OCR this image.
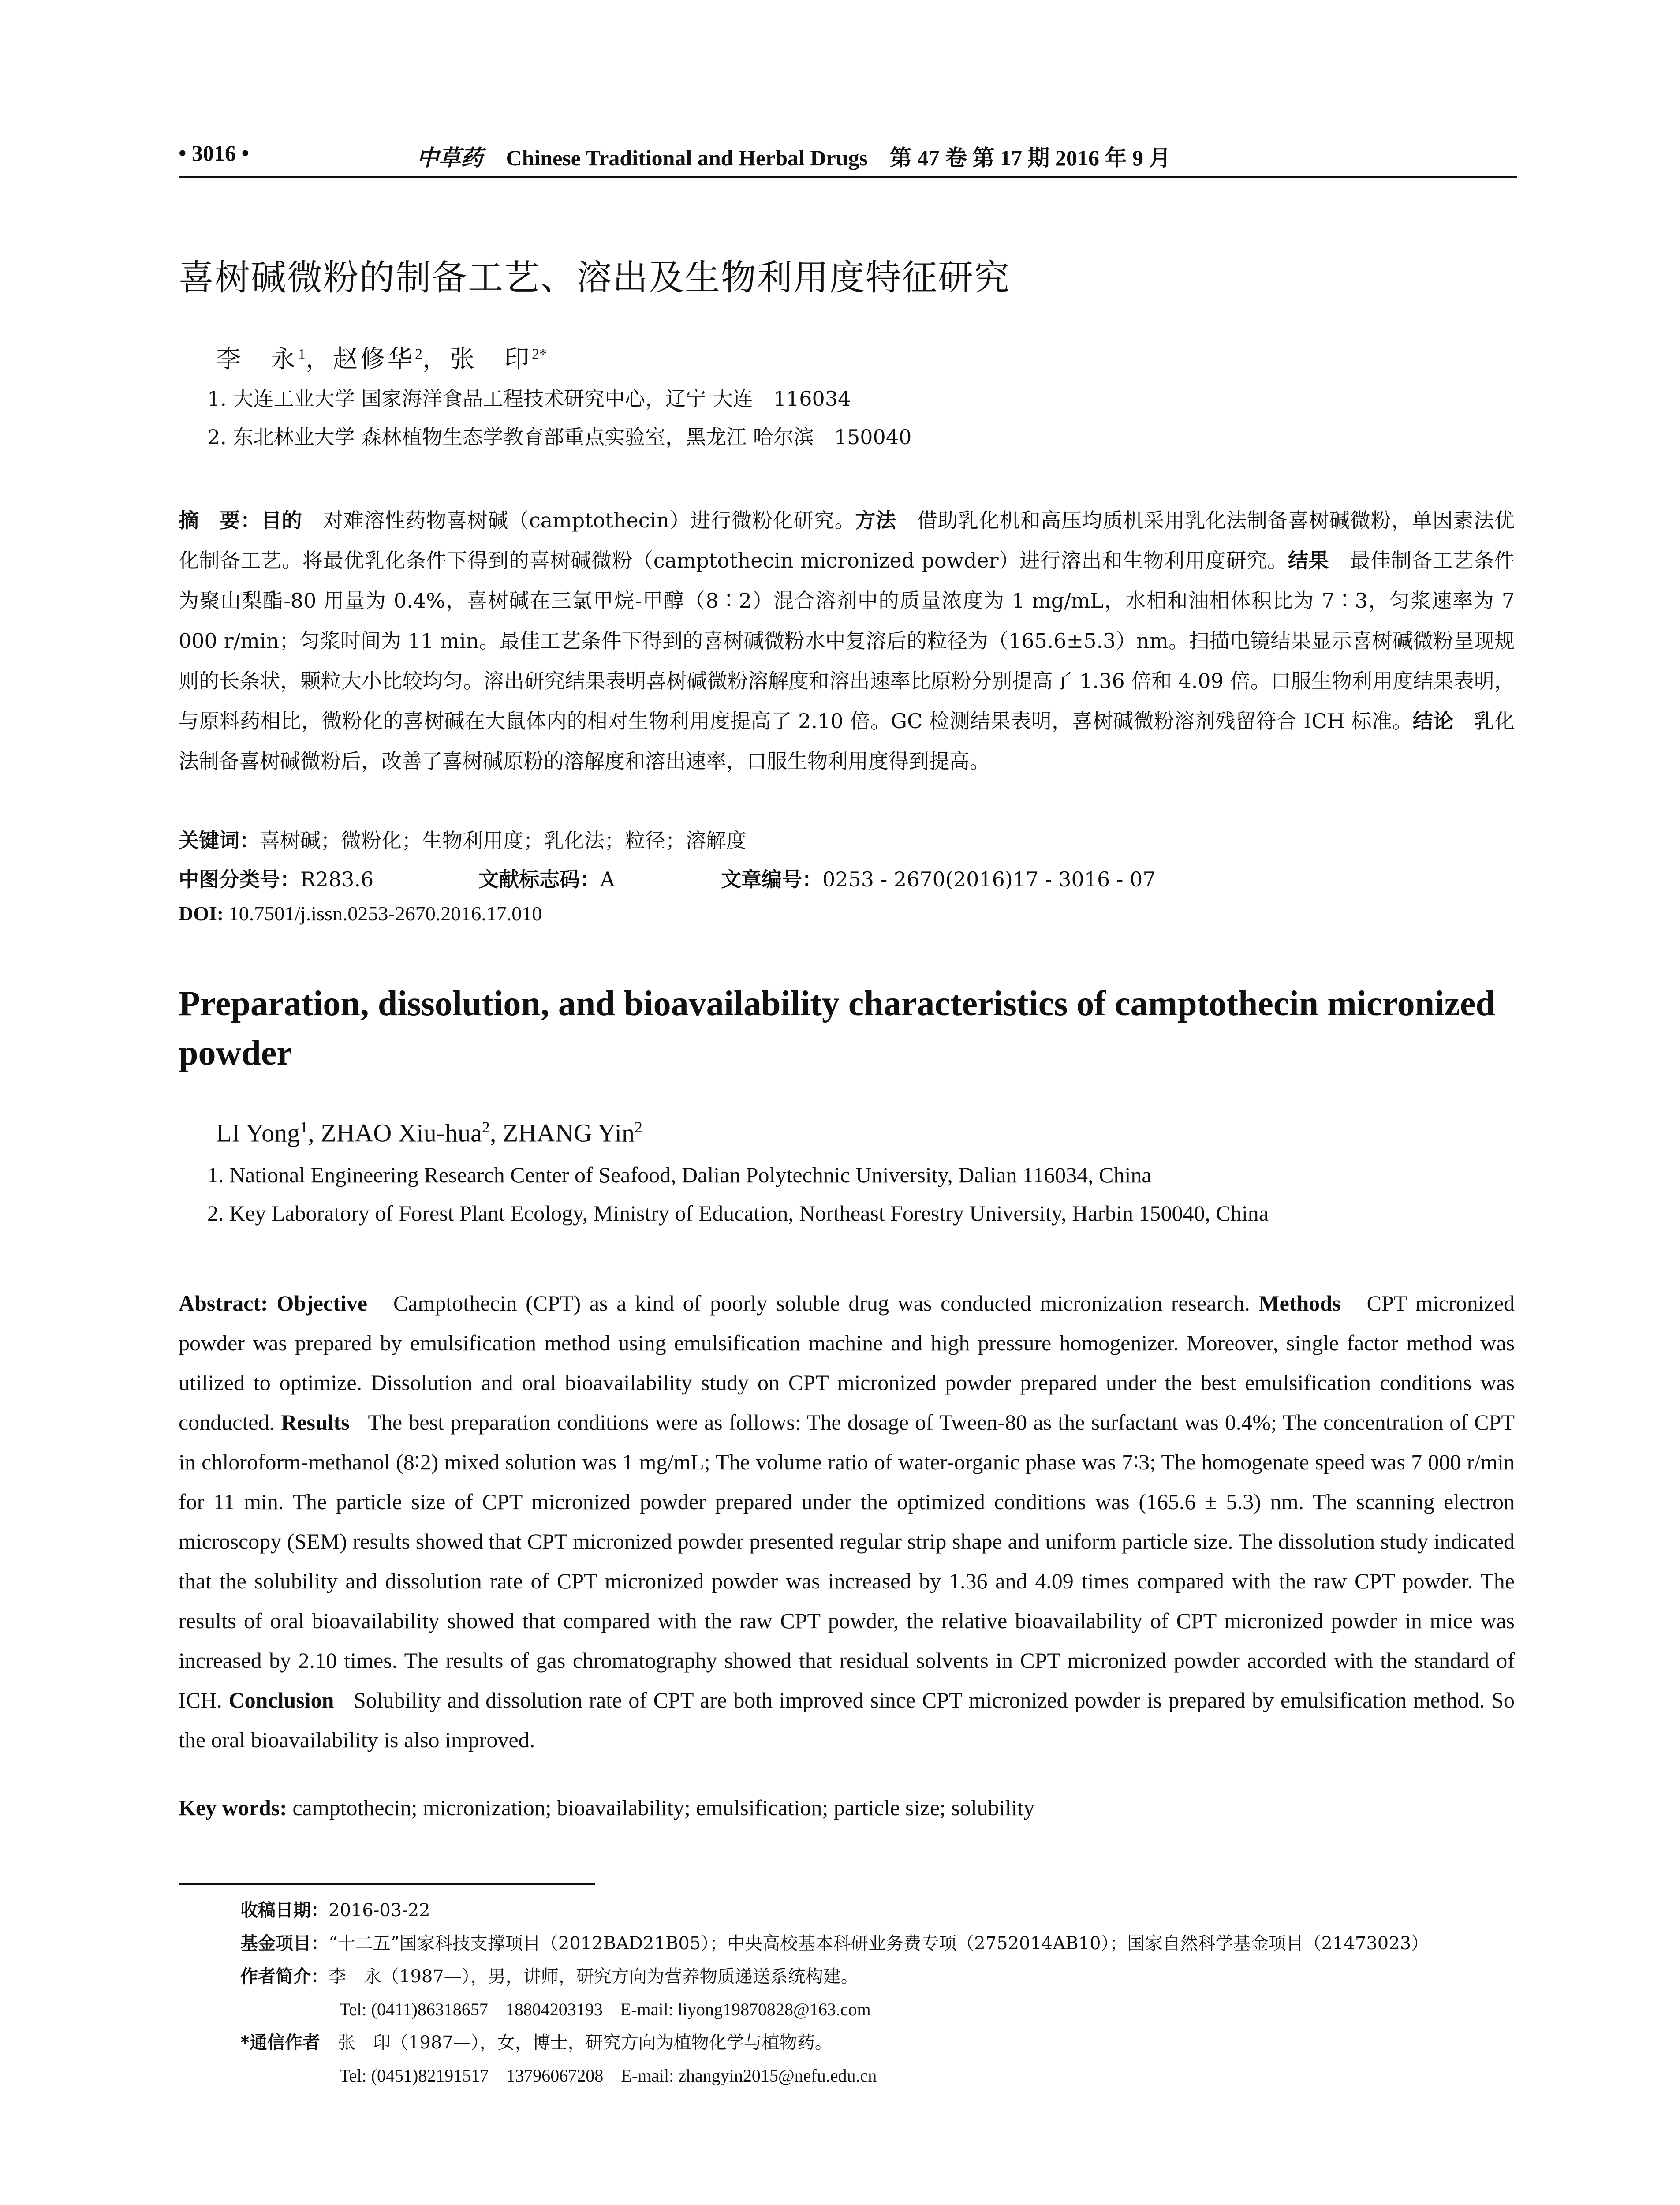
• 3016 •	中草药 Chinese Traditional and Herbal Drugs 第 47 卷 第 17 期 2016 年 9 月
喜树碱微粉的制备工艺、溶出及生物利用度特征研究
李　永$^1$，赵修华$^2$，张　印$^{2*}$
1. 大连工业大学 国家海洋食品工程技术研究中心，辽宁 大连　116034
2. 东北林业大学 森林植物生态学教育部重点实验室，黑龙江 哈尔滨　150040
摘　要：目的　对难溶性药物喜树碱（camptothecin）进行微粉化研究。方法　借助乳化机和高压均质机采用乳化法制备喜树碱微粉，单因素法优化制备工艺。将最优乳化条件下得到的喜树碱微粉（camptothecin micronized powder）进行溶出和生物利用度研究。结果　最佳制备工艺条件为聚山梨酯-80 用量为 0.4%，喜树碱在三氯甲烷-甲醇（8∶2）混合溶剂中的质量浓度为 1 mg/mL，水相和油相体积比为 7∶3，匀浆速率为 7 000 r/min；匀浆时间为 11 min。最佳工艺条件下得到的喜树碱微粉水中复溶后的粒径为（165.6±5.3）nm。扫描电镜结果显示喜树碱微粉呈现规则的长条状，颗粒大小比较均匀。溶出研究结果表明喜树碱微粉溶解度和溶出速率比原粉分别提高了 1.36 倍和 4.09 倍。口服生物利用度结果表明，与原料药相比，微粉化的喜树碱在大鼠体内的相对生物利用度提高了 2.10 倍。GC 检测结果表明，喜树碱微粉溶剂残留符合 ICH 标准。结论　乳化法制备喜树碱微粉后，改善了喜树碱原粉的溶解度和溶出速率，口服生物利用度得到提高。
关键词：喜树碱；微粉化；生物利用度；乳化法；粒径；溶解度
中图分类号：R283.6	文献标志码：A	文章编号：0253 - 2670(2016)17 - 3016 - 07
DOI: 10.7501/j.issn.0253-2670.2016.17.010
Preparation, dissolution, and bioavailability characteristics of camptothecin micronized powder
LI Yong$^1$, ZHAO Xiu-hua$^2$, ZHANG Yin$^2$
1. National Engineering Research Center of Seafood, Dalian Polytechnic University, Dalian 116034, China
2. Key Laboratory of Forest Plant Ecology, Ministry of Education, Northeast Forestry University, Harbin 150040, China
Abstract: Objective Camptothecin (CPT) as a kind of poorly soluble drug was conducted micronization research. Methods CPT micronized powder was prepared by emulsification method using emulsification machine and high pressure homogenizer. Moreover, single factor method was utilized to optimize. Dissolution and oral bioavailability study on CPT micronized powder prepared under the best emulsification conditions was conducted. Results The best preparation conditions were as follows: The dosage of Tween-80 as the surfactant was 0.4%; The concentration of CPT in chloroform-methanol (8∶2) mixed solution was 1 mg/mL; The volume ratio of water-organic phase was 7∶3; The homogenate speed was 7 000 r/min for 11 min. The particle size of CPT micronized powder prepared under the optimized conditions was (165.6 ± 5.3) nm. The scanning electron microscopy (SEM) results showed that CPT micronized powder presented regular strip shape and uniform particle size. The dissolution study indicated that the solubility and dissolution rate of CPT micronized powder was increased by 1.36 and 4.09 times compared with the raw CPT powder. The results of oral bioavailability showed that compared with the raw CPT powder, the relative bioavailability of CPT micronized powder in mice was increased by 2.10 times. The results of gas chromatography showed that residual solvents in CPT micronized powder accorded with the standard of ICH. Conclusion Solubility and dissolution rate of CPT are both improved since CPT micronized powder is prepared by emulsification method. So the oral bioavailability is also improved.
Key words: camptothecin; micronization; bioavailability; emulsification; particle size; solubility
收稿日期：2016-03-22
基金项目：“十二五”国家科技支撑项目（2012BAD21B05）；中央高校基本科研业务费专项（2752014AB10）；国家自然科学基金项目（21473023）
作者简介：李　永（1987—），男，讲师，研究方向为营养物质递送系统构建。
Tel: (0411)86318657　18804203193　E-mail: liyong19870828@163.com
*通信作者　 张　印（1987—），女，博士，研究方向为植物化学与植物药。
Tel: (0451)82191517　13796067208　E-mail: zhangyin2015@nefu.edu.cn
